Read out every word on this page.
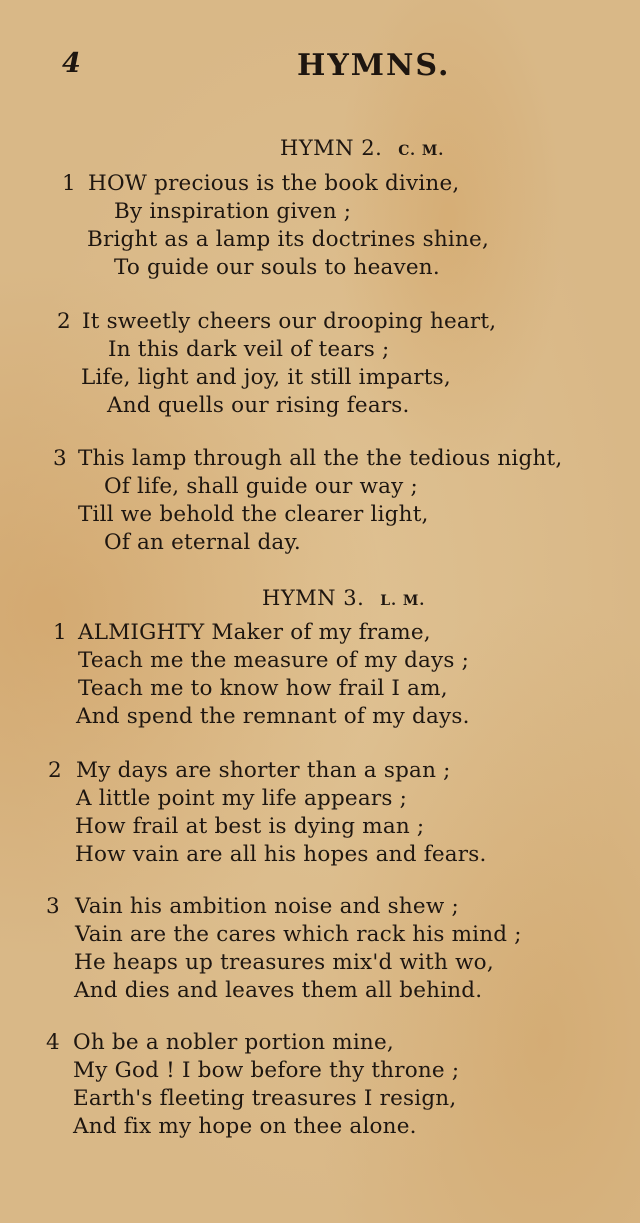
4	HYMNS.
HYMN 2. C. M.
1 HOW precious is the book divine,
By inspiration given ;
Bright as a lamp its doctrines shine,
To guide our souls to heaven.
2 It sweetly cheers our drooping heart,
In this dark veil of tears ;
Life, light and joy, it still imparts,
And quells our rising fears.
3 This lamp through all the the tedious night,
Of life, shall guide our way ;
Till we behold the clearer light,
Of an eternal day.
HYMN 3. L. M.
1 ALMIGHTY Maker of my frame,
Teach me the measure of my days ;
Teach me to know how frail I am,
And spend the remnant of my days.
2 My days are shorter than a span ;
A little point my life appears ;
How frail at best is dying man ;
How vain are all his hopes and fears.
3 Vain his ambition noise and shew ;
Vain are the cares which rack his mind ;
He heaps up treasures mix'd with wo,
And dies and leaves them all behind.
4 Oh be a nobler portion mine,
My God ! I bow before thy throne ;
Earth's fleeting treasures I resign,
And fix my hope on thee alone.
